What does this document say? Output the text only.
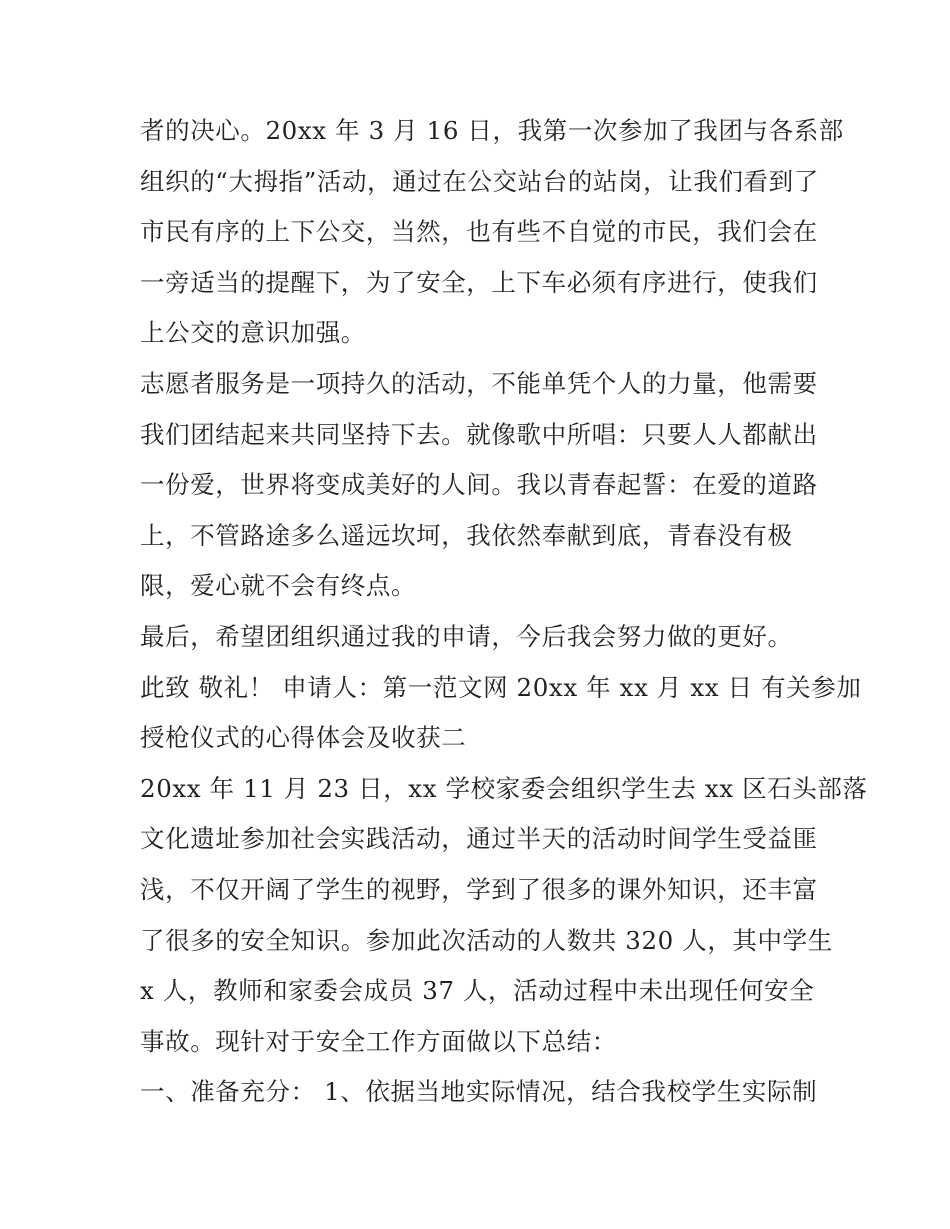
者的决心。20xx 年 3 月 16 日，我第一次参加了我团与各系部
组织的“大拇指”活动，通过在公交站台的站岗，让我们看到了
市民有序的上下公交，当然，也有些不自觉的市民，我们会在
一旁适当的提醒下，为了安全，上下车必须有序进行，使我们
上公交的意识加强。
志愿者服务是一项持久的活动，不能单凭个人的力量，他需要
我们团结起来共同坚持下去。就像歌中所唱：只要人人都献出
一份爱，世界将变成美好的人间。我以青春起誓：在爱的道路
上，不管路途多么遥远坎坷，我依然奉献到底，青春没有极
限，爱心就不会有终点。
最后，希望团组织通过我的申请，今后我会努力做的更好。
此致 敬礼！ 申请人：第一范文网 20xx 年 xx 月 xx 日 有关参加
授枪仪式的心得体会及收获二
20xx 年 11 月 23 日，xx 学校家委会组织学生去 xx 区石头部落
文化遗址参加社会实践活动，通过半天的活动时间学生受益匪
浅，不仅开阔了学生的视野，学到了很多的课外知识，还丰富
了很多的安全知识。参加此次活动的人数共 320 人，其中学生
x 人，教师和家委会成员 37 人，活动过程中未出现任何安全
事故。现针对于安全工作方面做以下总结：
一、准备充分： 1、依据当地实际情况，结合我校学生实际制
